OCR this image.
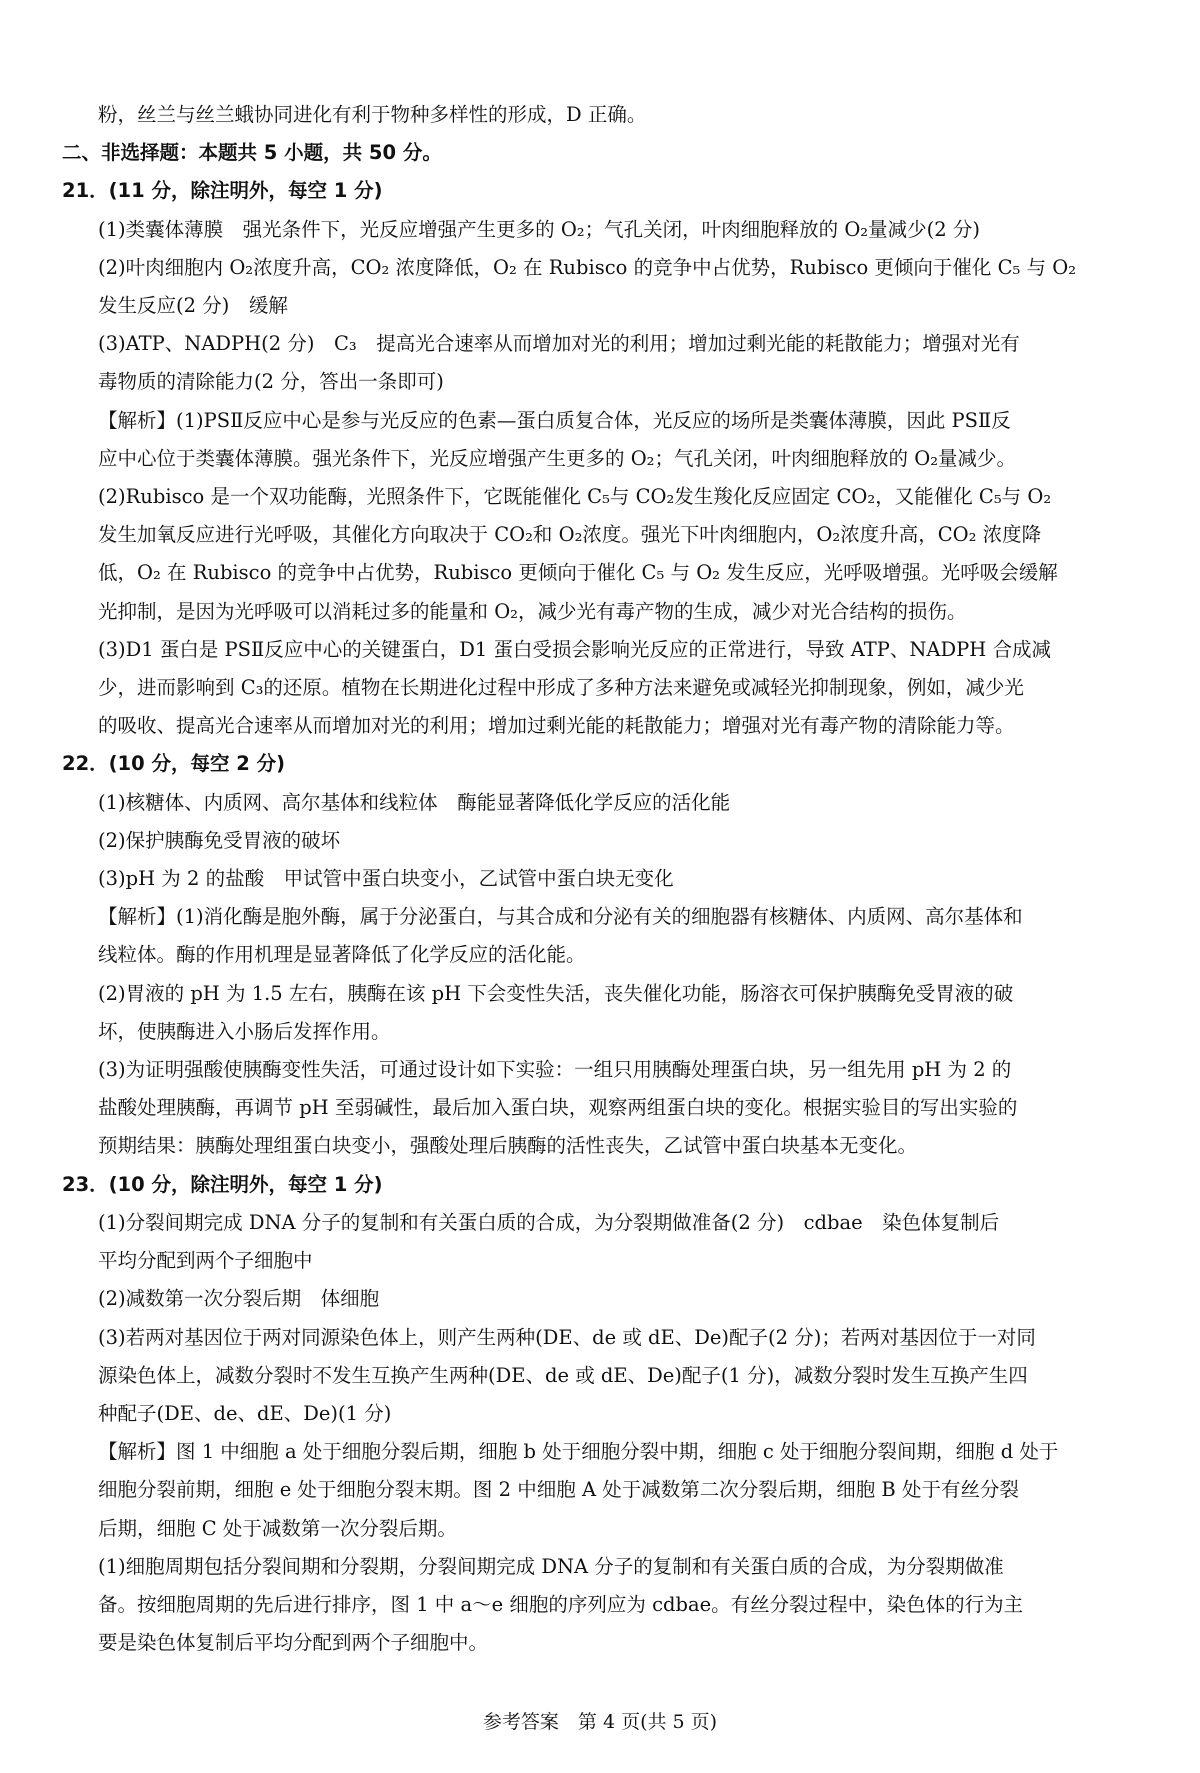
粉，丝兰与丝兰蛾协同进化有利于物种多样性的形成，D 正确。
二、非选择题：本题共 5 小题，共 50 分。
21．(11 分，除注明外，每空 1 分)
(1)类囊体薄膜　强光条件下，光反应增强产生更多的 O₂；气孔关闭，叶肉细胞释放的 O₂量减少(2 分)
(2)叶肉细胞内 O₂浓度升高，CO₂ 浓度降低，O₂ 在 Rubisco 的竞争中占优势，Rubisco 更倾向于催化 C₅ 与 O₂
发生反应(2 分)　缓解
(3)ATP、NADPH(2 分)　C₃　提高光合速率从而增加对光的利用；增加过剩光能的耗散能力；增强对光有
毒物质的清除能力(2 分，答出一条即可)
【解析】(1)PSⅡ反应中心是参与光反应的色素—蛋白质复合体，光反应的场所是类囊体薄膜，因此 PSⅡ反
应中心位于类囊体薄膜。强光条件下，光反应增强产生更多的 O₂；气孔关闭，叶肉细胞释放的 O₂量减少。
(2)Rubisco 是一个双功能酶，光照条件下，它既能催化 C₅与 CO₂发生羧化反应固定 CO₂，又能催化 C₅与 O₂
发生加氧反应进行光呼吸，其催化方向取决于 CO₂和 O₂浓度。强光下叶肉细胞内，O₂浓度升高，CO₂ 浓度降
低，O₂ 在 Rubisco 的竞争中占优势，Rubisco 更倾向于催化 C₅ 与 O₂ 发生反应，光呼吸增强。光呼吸会缓解
光抑制，是因为光呼吸可以消耗过多的能量和 O₂，减少光有毒产物的生成，减少对光合结构的损伤。
(3)D1 蛋白是 PSⅡ反应中心的关键蛋白，D1 蛋白受损会影响光反应的正常进行，导致 ATP、NADPH 合成减
少，进而影响到 C₃的还原。植物在长期进化过程中形成了多种方法来避免或减轻光抑制现象，例如，减少光
的吸收、提高光合速率从而增加对光的利用；增加过剩光能的耗散能力；增强对光有毒产物的清除能力等。
22．(10 分，每空 2 分)
(1)核糖体、内质网、高尔基体和线粒体　酶能显著降低化学反应的活化能
(2)保护胰酶免受胃液的破坏
(3)pH 为 2 的盐酸　甲试管中蛋白块变小，乙试管中蛋白块无变化
【解析】(1)消化酶是胞外酶，属于分泌蛋白，与其合成和分泌有关的细胞器有核糖体、内质网、高尔基体和
线粒体。酶的作用机理是显著降低了化学反应的活化能。
(2)胃液的 pH 为 1.5 左右，胰酶在该 pH 下会变性失活，丧失催化功能，肠溶衣可保护胰酶免受胃液的破
坏，使胰酶进入小肠后发挥作用。
(3)为证明强酸使胰酶变性失活，可通过设计如下实验：一组只用胰酶处理蛋白块，另一组先用 pH 为 2 的
盐酸处理胰酶，再调节 pH 至弱碱性，最后加入蛋白块，观察两组蛋白块的变化。根据实验目的写出实验的
预期结果：胰酶处理组蛋白块变小，强酸处理后胰酶的活性丧失，乙试管中蛋白块基本无变化。
23．(10 分，除注明外，每空 1 分)
(1)分裂间期完成 DNA 分子的复制和有关蛋白质的合成，为分裂期做准备(2 分)　cdbae　染色体复制后
平均分配到两个子细胞中
(2)减数第一次分裂后期　体细胞
(3)若两对基因位于两对同源染色体上，则产生两种(DE、de 或 dE、De)配子(2 分)；若两对基因位于一对同
源染色体上，减数分裂时不发生互换产生两种(DE、de 或 dE、De)配子(1 分)，减数分裂时发生互换产生四
种配子(DE、de、dE、De)(1 分)
【解析】图 1 中细胞 a 处于细胞分裂后期，细胞 b 处于细胞分裂中期，细胞 c 处于细胞分裂间期，细胞 d 处于
细胞分裂前期，细胞 e 处于细胞分裂末期。图 2 中细胞 A 处于减数第二次分裂后期，细胞 B 处于有丝分裂
后期，细胞 C 处于减数第一次分裂后期。
(1)细胞周期包括分裂间期和分裂期，分裂间期完成 DNA 分子的复制和有关蛋白质的合成，为分裂期做准
备。按细胞周期的先后进行排序，图 1 中 a～e 细胞的序列应为 cdbae。有丝分裂过程中，染色体的行为主
要是染色体复制后平均分配到两个子细胞中。
参考答案　第 4 页(共 5 页)
